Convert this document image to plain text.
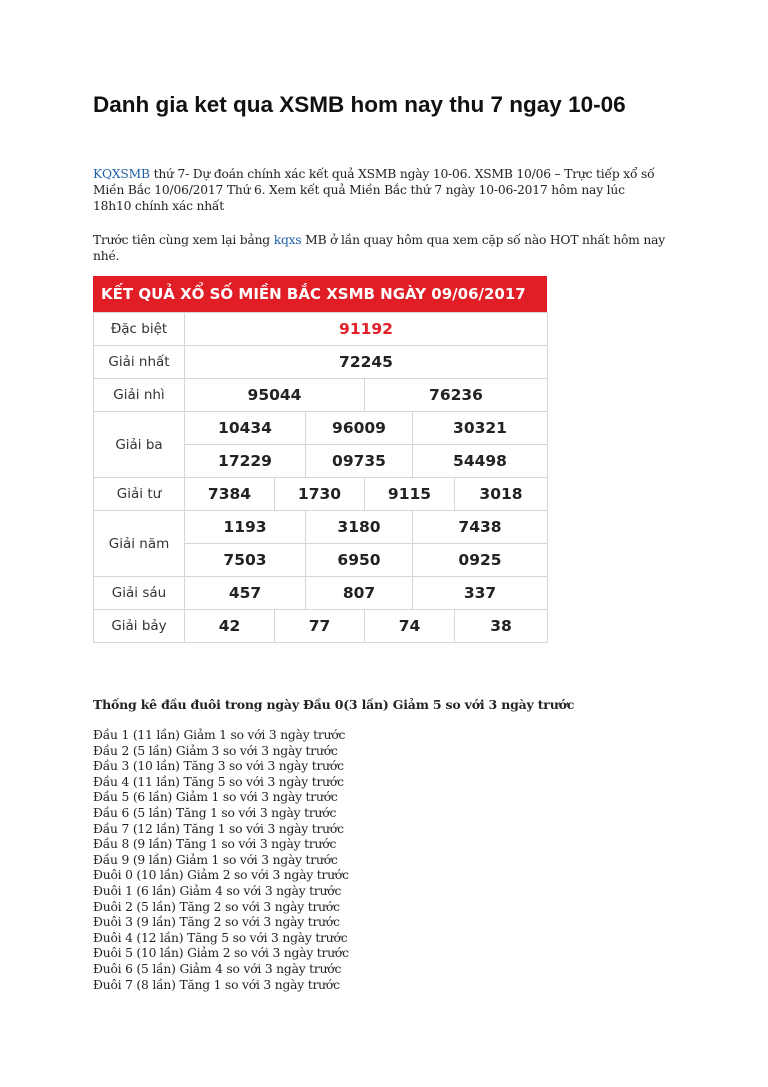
Danh gia ket qua XSMB hom nay thu 7 ngay 10-06
KQXSMB thứ 7- Dự đoán chính xác kết quả XSMB ngày 10-06. XSMB 10/06 – Trực tiếp xổ số Miền Bắc 10/06/2017 Thứ 6. Xem kết quả Miền Bắc thứ 7 ngày 10-06-2017 hôm nay lúc 18h10 chính xác nhất
Trước tiên cùng xem lại bảng kqxs MB ở lần quay hôm qua xem cặp số nào HOT nhất hôm nay nhé.
KẾT QUẢ XỔ SỐ MIỀN BẮC XSMB NGÀY 09/06/2017
Đặc biệt	91192					
Giải nhất	72245					
Giải nhì	95044			76236		
Giải ba	10434		96009		30321	
	17229		09735		54498	
Giải tư	7384	1730		9115		3018
Giải năm	1193		3180		7438	
	7503		6950		0925	
Giải sáu	457		807		337	
Giải bảy	42	77		74		38
Thống kê đầu đuôi trong ngày Đầu 0(3 lần) Giảm 5 so với 3 ngày trước
Đầu 1 (11 lần) Giảm 1 so với 3 ngày trước
Đầu 2 (5 lần) Giảm 3 so với 3 ngày trước
Đầu 3 (10 lần) Tăng 3 so với 3 ngày trước
Đầu 4 (11 lần) Tăng 5 so với 3 ngày trước
Đầu 5 (6 lần) Giảm 1 so với 3 ngày trước
Đầu 6 (5 lần) Tăng 1 so với 3 ngày trước
Đầu 7 (12 lần) Tăng 1 so với 3 ngày trước
Đầu 8 (9 lần) Tăng 1 so với 3 ngày trước
Đầu 9 (9 lần) Giảm 1 so với 3 ngày trước
Đuôi 0 (10 lần) Giảm 2 so với 3 ngày trước
Đuôi 1 (6 lần) Giảm 4 so với 3 ngày trước
Đuôi 2 (5 lần) Tăng 2 so với 3 ngày trước
Đuôi 3 (9 lần) Tăng 2 so với 3 ngày trước
Đuôi 4 (12 lần) Tăng 5 so với 3 ngày trước
Đuôi 5 (10 lần) Giảm 2 so với 3 ngày trước
Đuôi 6 (5 lần) Giảm 4 so với 3 ngày trước
Đuôi 7 (8 lần) Tăng 1 so với 3 ngày trước
